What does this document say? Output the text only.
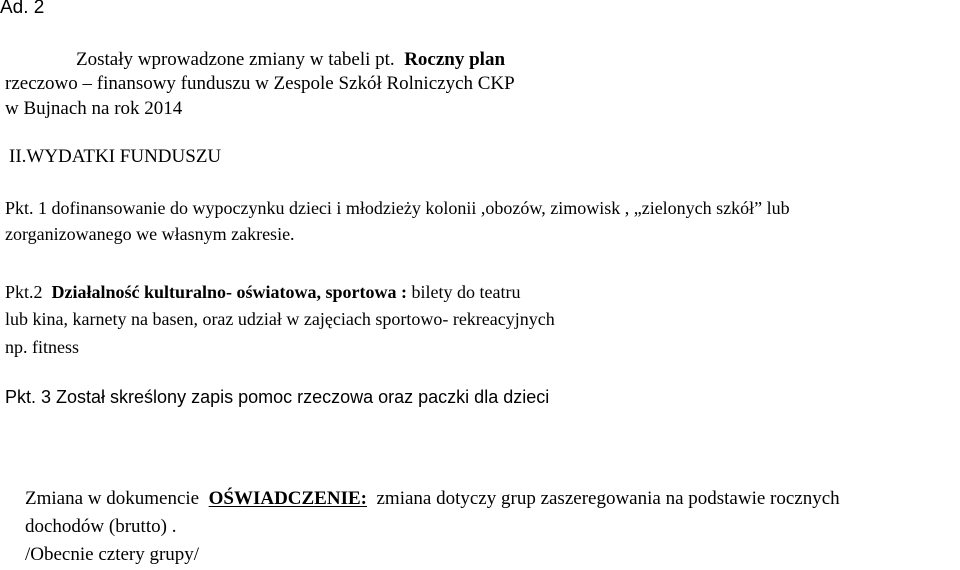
Ad. 2
Zostały wprowadzone zmiany w tabeli pt. Roczny plan
rzeczowo – finansowy funduszu w Zespole Szkół Rolniczych CKP
w Bujnach na rok 2014
II.WYDATKI FUNDUSZU
Pkt. 1 dofinansowanie do wypoczynku dzieci i młodzieży kolonii ,obozów, zimowisk , „zielonych szkół” lub
zorganizowanego we własnym zakresie.
Pkt.2 Działalność kulturalno- oświatowa, sportowa : bilety do teatru
lub kina, karnety na basen, oraz udział w zajęciach sportowo- rekreacyjnych
np. fitness
Pkt. 3 Został skreślony zapis pomoc rzeczowa oraz paczki dla dzieci
Zmiana w dokumencie OŚWIADCZENIE: zmiana dotyczy grup zaszeregowania na podstawie rocznych
dochodów (brutto) .
/Obecnie cztery grupy/
